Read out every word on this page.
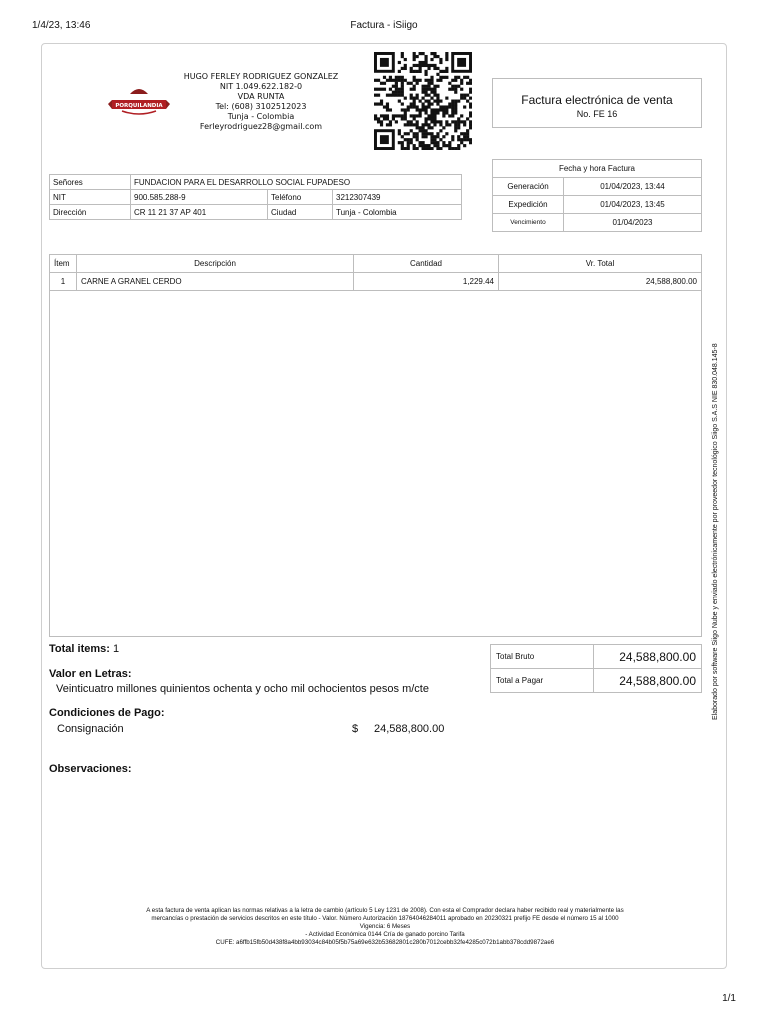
1/4/23, 13:46	Factura - iSiigo
PORQUILANDIA
HUGO FERLEY RODRIGUEZ GONZALEZ
NIT 1.049.622.182-0
VDA RUNTA
Tel: (608) 3102512023
Tunja - Colombia
Ferleyrodriguez28@gmail.com
Factura electrónica de venta
No. FE 16
Señores	FUNDACION PARA EL DESARROLLO SOCIAL FUPADESO		
NIT	900.585.288-9	Teléfono	3212307439
Dirección	CR 11 21 37 AP 401	Ciudad	Tunja - Colombia
Fecha y hora Factura	
Generación	01/04/2023, 13:44
Expedición	01/04/2023, 13:45
Vencimiento	01/04/2023
Ítem	Descripción	Cantidad	Vr. Total
1	CARNE A GRANEL CERDO	1,229.44	24,588,800.00
Elaborado por software Siigo Nube y enviado electrónicamente por proveedor tecnológico Siigo S.A.S NIE 830.048.145-8
Total items: 1
Valor en Letras:
Veinticuatro millones quinientos ochenta y ocho mil ochocientos pesos m/cte
Condiciones de Pago:
Consignación	$ 24,588,800.00
Observaciones:
Total Bruto	24,588,800.00
Total a Pagar	24,588,800.00
A esta factura de venta aplican las normas relativas a la letra de cambio (artículo 5 Ley 1231 de 2008). Con esta el Comprador declara haber recibido real y materialmente las
mercancías o prestación de servicios descritos en este título - Valor. Número Autorización 18764046284011 aprobado en 20230321 prefijo FE desde el número 15 al 1000
Vigencia: 6 Meses
- Actividad Económica 0144 Cría de ganado porcino Tarifa
CUFE: a6ffb15fb50d438f8a4bb93034c84b05f5b75a69e632b53682801c280b7012cebb32fe4285c072b1abb378cdd9872ae6
1/1
